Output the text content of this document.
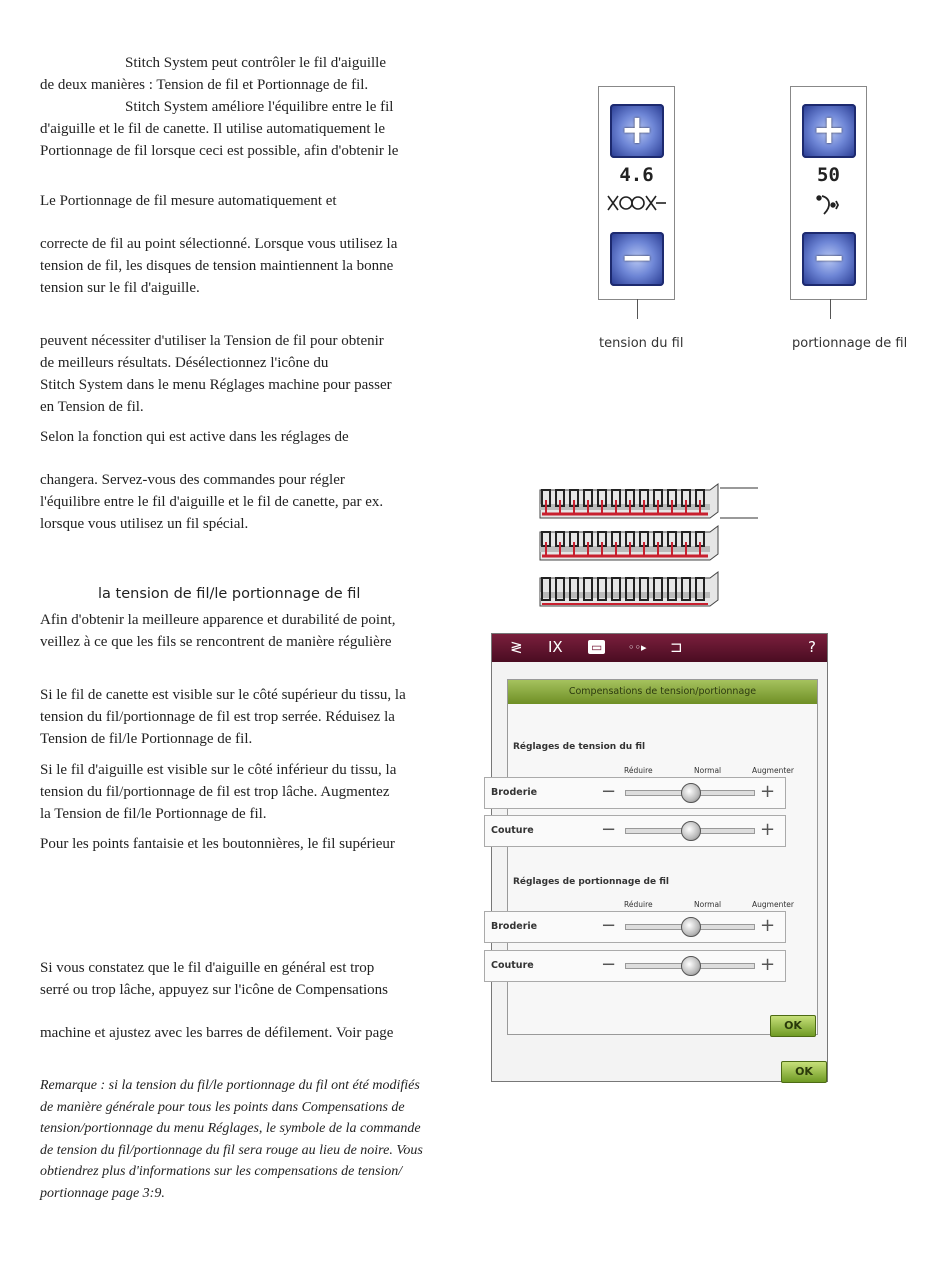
Stitch System peut contrôler le fil d'aiguille
de deux manières : Tension de fil et Portionnage de fil.
Stitch System améliore l'équilibre entre le fil
d'aiguille et le fil de canette. Il utilise automatiquement le
Portionnage de fil lorsque ceci est possible, afin d'obtenir le
Le Portionnage de fil mesure automatiquement et
correcte de fil au point sélectionné. Lorsque vous utilisez la
tension de fil, les disques de tension maintiennent la bonne
tension sur le fil d'aiguille.
peuvent nécessiter d'utiliser la Tension de fil pour obtenir
de meilleurs résultats. Désélectionnez l'icône du
Stitch System dans le menu Réglages machine pour passer
en Tension de fil.
Selon la fonction qui est active dans les réglages de
changera. Servez-vous des commandes pour régler
l'équilibre entre le fil d'aiguille et le fil de canette, par ex.
lorsque vous utilisez un fil spécial.
la tension de fil/le portionnage de fil
Afin d'obtenir la meilleure apparence et durabilité de point,
veillez à ce que les fils se rencontrent de manière régulière
Si le fil de canette est visible sur le côté supérieur du tissu, la
tension du fil/portionnage de fil est trop serrée. Réduisez la
Tension de fil/le Portionnage de fil.
Si le fil d'aiguille est visible sur le côté inférieur du tissu, la
tension du fil/portionnage de fil est trop lâche. Augmentez
la Tension de fil/le Portionnage de fil.
Pour les points fantaisie et les boutonnières, le fil supérieur
Si vous constatez que le fil d'aiguille en général est trop
serré ou trop lâche, appuyez sur l'icône de Compensations
machine et ajustez avec les barres de défilement. Voir page
Remarque : si la tension du fil/le portionnage du fil ont été modifiés
de manière générale pour tous les points dans Compensations de
tension/portionnage du menu Réglages, le symbole de la commande
de tension du fil/portionnage du fil sera rouge au lieu de noire. Vous
obtiendrez plus d'informations sur les compensations de tension/
portionnage page 3:9.
+
4.6
−
tension du fil
+
50
−
portionnage de fil
≷ IX ▭ ◦◦▸ ⊐	?
Compensations de tension/portionnage
Réglages de tension du fil
Réduire	Normal	Augmenter
Broderie	−	+
Couture	−	+
Réglages de portionnage de fil
Réduire	Normal	Augmenter
Broderie	−	+
Couture	−	+
OK
OK
